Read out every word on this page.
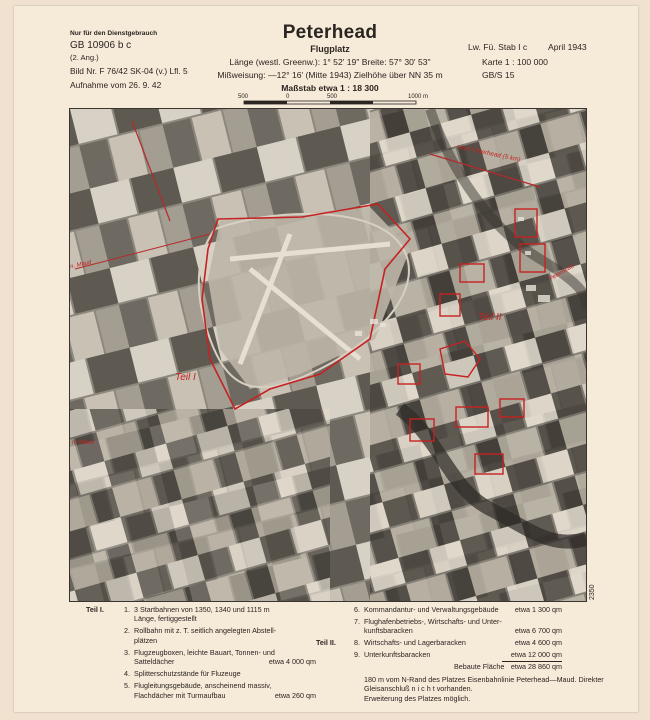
Nur für den Dienstgebrauch
GB 10906 b c
(2. Ang.)
Bild Nr. F 76/42 SK-04 (v.) Lfl. 5
Aufnahme vom 26. 9. 42
Peterhead
Flugplatz
Länge (westl. Greenw.): 1° 52' 19" Breite: 57° 30' 53"
Mißweisung: —12° 16' (Mitte 1943) Zielhöhe über NN 35 m
Maßstab etwa 1 : 18 300
Lw. Fü. Stab I c April 1943
Karte 1 : 100 000
GB/S 15
500	0	500	1000 m
Teil I
Teil II
nach Peterhead (5 km)
n. Maud	Peterhead
n. Maud
2350
Teil I.	1. 3 Startbahnen von 1350, 1340 und 1115 m
Länge, fertiggestellt
2. Rollbahn mit z. T. seitlich angelegten Abstell-
plätzen
3. Flugzeugboxen, leichte Bauart, Tonnen- und
Satteldächer	etwa 4 000 qm
4. Splitterschutzstände für Fluzeuge
5. Flugleitungsgebäude, anscheinend massiv,
Flachdächer mit Turmaufbau	etwa 260 qm
6. Kommandantur- und Verwaltungsgebäude	etwa 1 300 qm
7. Flughafenbetriebs-, Wirtschafts- und Unter-
kunftsbaracken	etwa 6 700 qm
Teil II.	8. Wirtschafts- und Lagerbaracken	etwa 4 600 qm
9. Unterkunftsbaracken	etwa 12 000 qm
Bebaute Fläche etwa 28 860 qm
180 m vom N-Rand des Platzes Eisenbahnlinie Peterhead—Maud. Direkter
Gleisanschluß n i c h t vorhanden.
Erweiterung des Platzes möglich.
